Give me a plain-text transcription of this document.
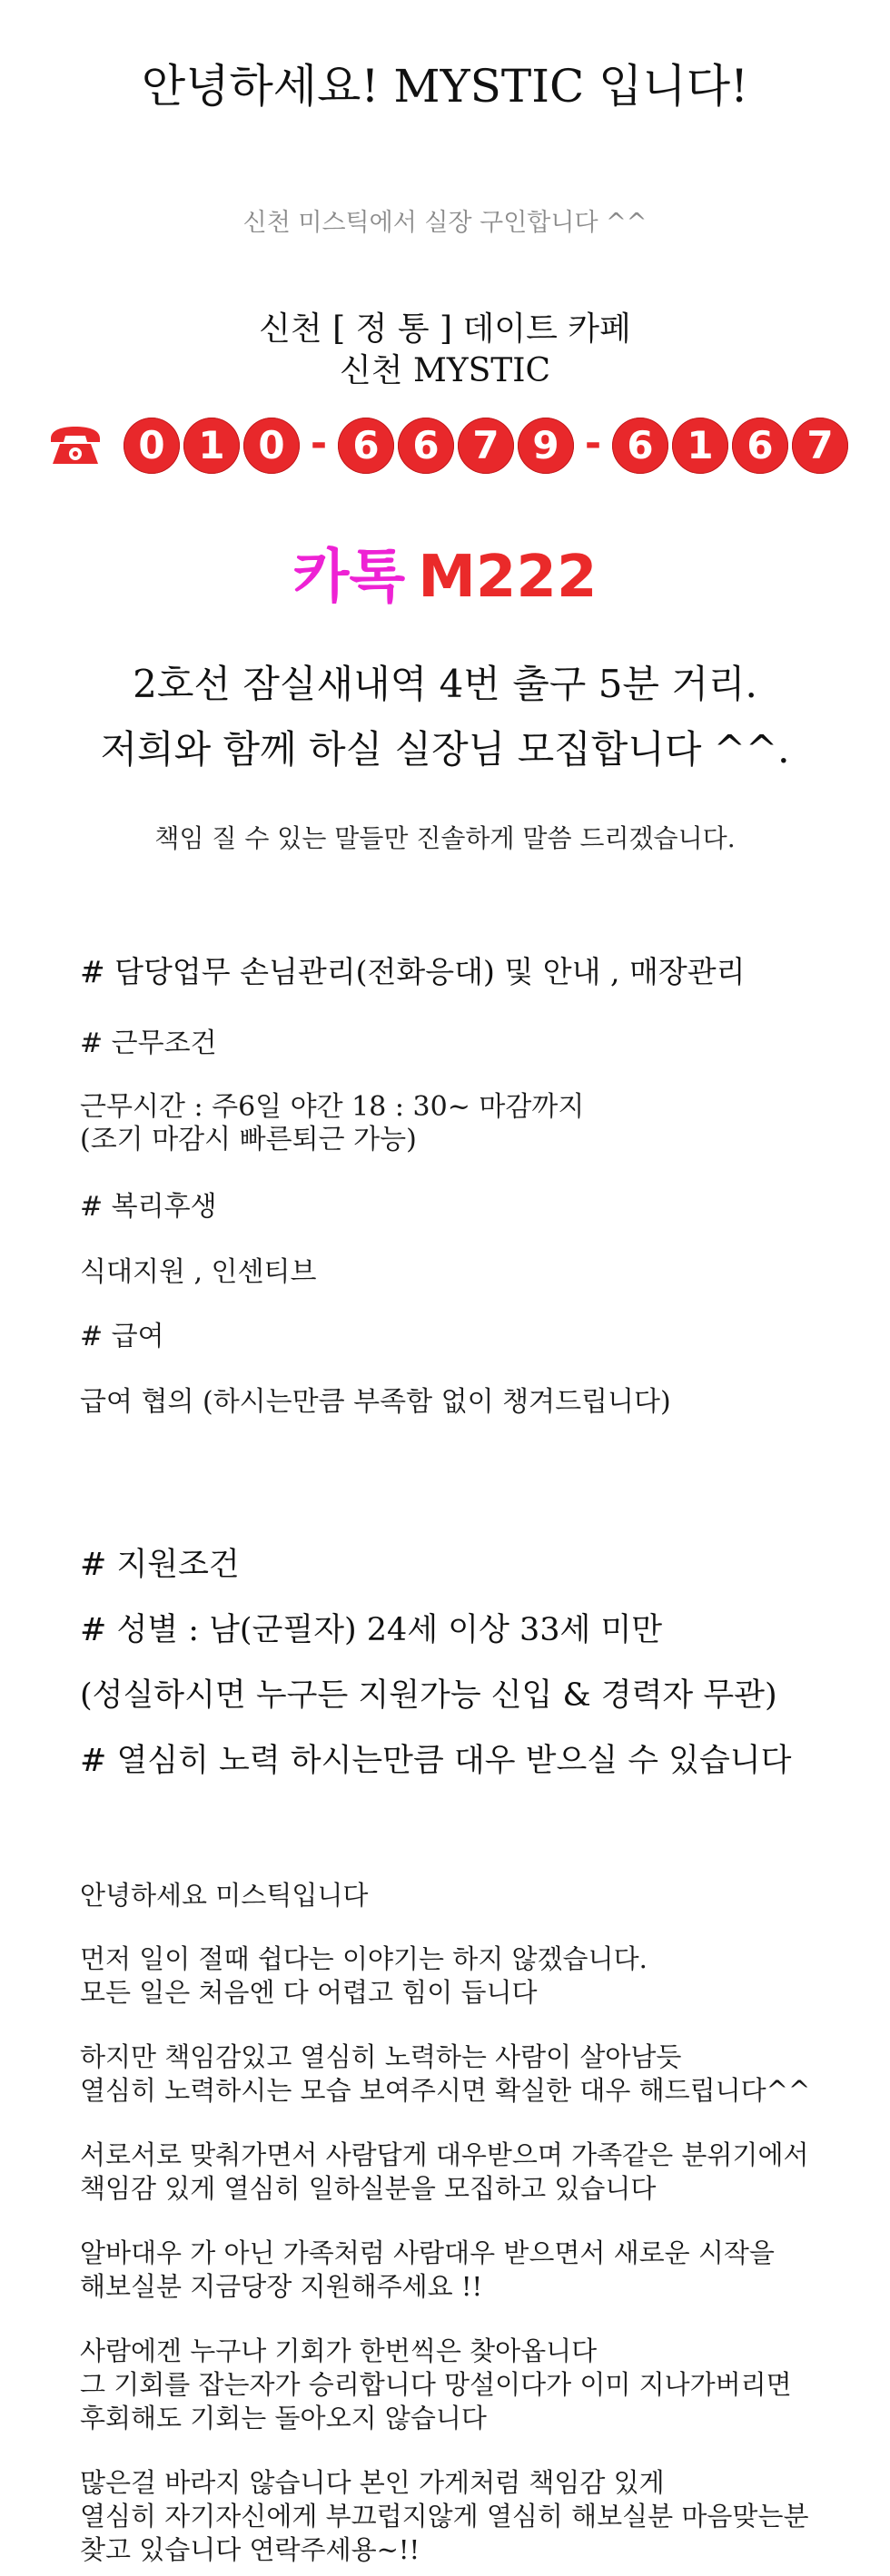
안녕하세요! MYSTIC 입니다!
신천 미스틱에서 실장 구인합니다 ^^
신천 [ 정 통 ] 데이트 카페
신천 MYSTIC
0 1 0 - 6 6 7 9 - 6 1 6 7
카톡 M222
2호선 잠실새내역 4번 출구 5분 거리.
저희와 함께 하실 실장님 모집합니다 ^^.
책임 질 수 있는 말들만 진솔하게 말씀 드리겠습니다.
# 담당업무 손님관리(전화응대) 및 안내 , 매장관리
# 근무조건
근무시간 : 주6일 야간 18 : 30~ 마감까지
(조기 마감시 빠른퇴근 가능)
# 복리후생
식대지원 , 인센티브
# 급여
급여 협의 (하시는만큼 부족함 없이 챙겨드립니다)
# 지원조건
# 성별 : 남(군필자) 24세 이상 33세 미만
(성실하시면 누구든 지원가능 신입 & 경력자 무관)
# 열심히 노력 하시는만큼 대우 받으실 수 있습니다
안녕하세요 미스틱입니다
먼저 일이 절때 쉽다는 이야기는 하지 않겠습니다.
모든 일은 처음엔 다 어렵고 힘이 듭니다
하지만 책임감있고 열심히 노력하는 사람이 살아남듯
열심히 노력하시는 모습 보여주시면 확실한 대우 해드립니다^^
서로서로 맞춰가면서 사람답게 대우받으며 가족같은 분위기에서
책임감 있게 열심히 일하실분을 모집하고 있습니다
알바대우 가 아닌 가족처럼 사람대우 받으면서 새로운 시작을
해보실분 지금당장 지원해주세요 !!
사람에겐 누구나 기회가 한번씩은 찾아옵니다
그 기회를 잡는자가 승리합니다 망설이다가 이미 지나가버리면
후회해도 기회는 돌아오지 않습니다
많은걸 바라지 않습니다 본인 가게처럼 책임감 있게
열심히 자기자신에게 부끄럽지않게 열심히 해보실분 마음맞는분
찾고 있습니다 연락주세용~!!
